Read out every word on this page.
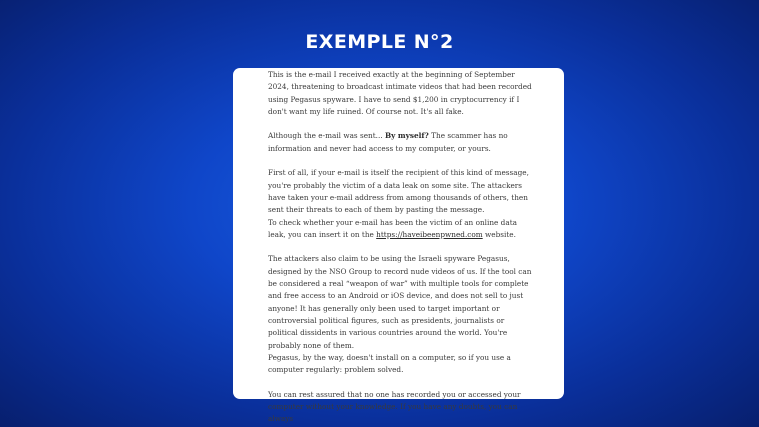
EXEMPLE N°2

This is the e-mail I received exactly at the beginning of September 2024, threatening to broadcast intimate videos that had been recorded using Pegasus spyware. I have to send $1,200 in cryptocurrency if I don't want my life ruined. Of course not. It's all fake.

Although the e-mail was sent... By myself? The scammer has no information and never had access to my computer, or yours.

First of all, if your e-mail is itself the recipient of this kind of message, you're probably the victim of a data leak on some site. The attackers have taken your e-mail address from among thousands of others, then sent their threats to each of them by pasting the message.

To check whether your e-mail has been the victim of an online data leak, you can insert it on the https://haveibeenpwned.com website.

The attackers also claim to be using the Israeli spyware Pegasus, designed by the NSO Group to record nude videos of us. If the tool can be considered a real “weapon of war” with multiple tools for complete and free access to an Android or iOS device, and does not sell to just anyone! It has generally only been used to target important or controversial political figures, such as presidents, journalists or political dissidents in various countries around the world. You're probably none of them.

Pegasus, by the way, doesn't install on a computer, so if you use a computer regularly: problem solved.

You can rest assured that no one has recorded you or accessed your computer without your knowledge. If you have any doubts, you can always
